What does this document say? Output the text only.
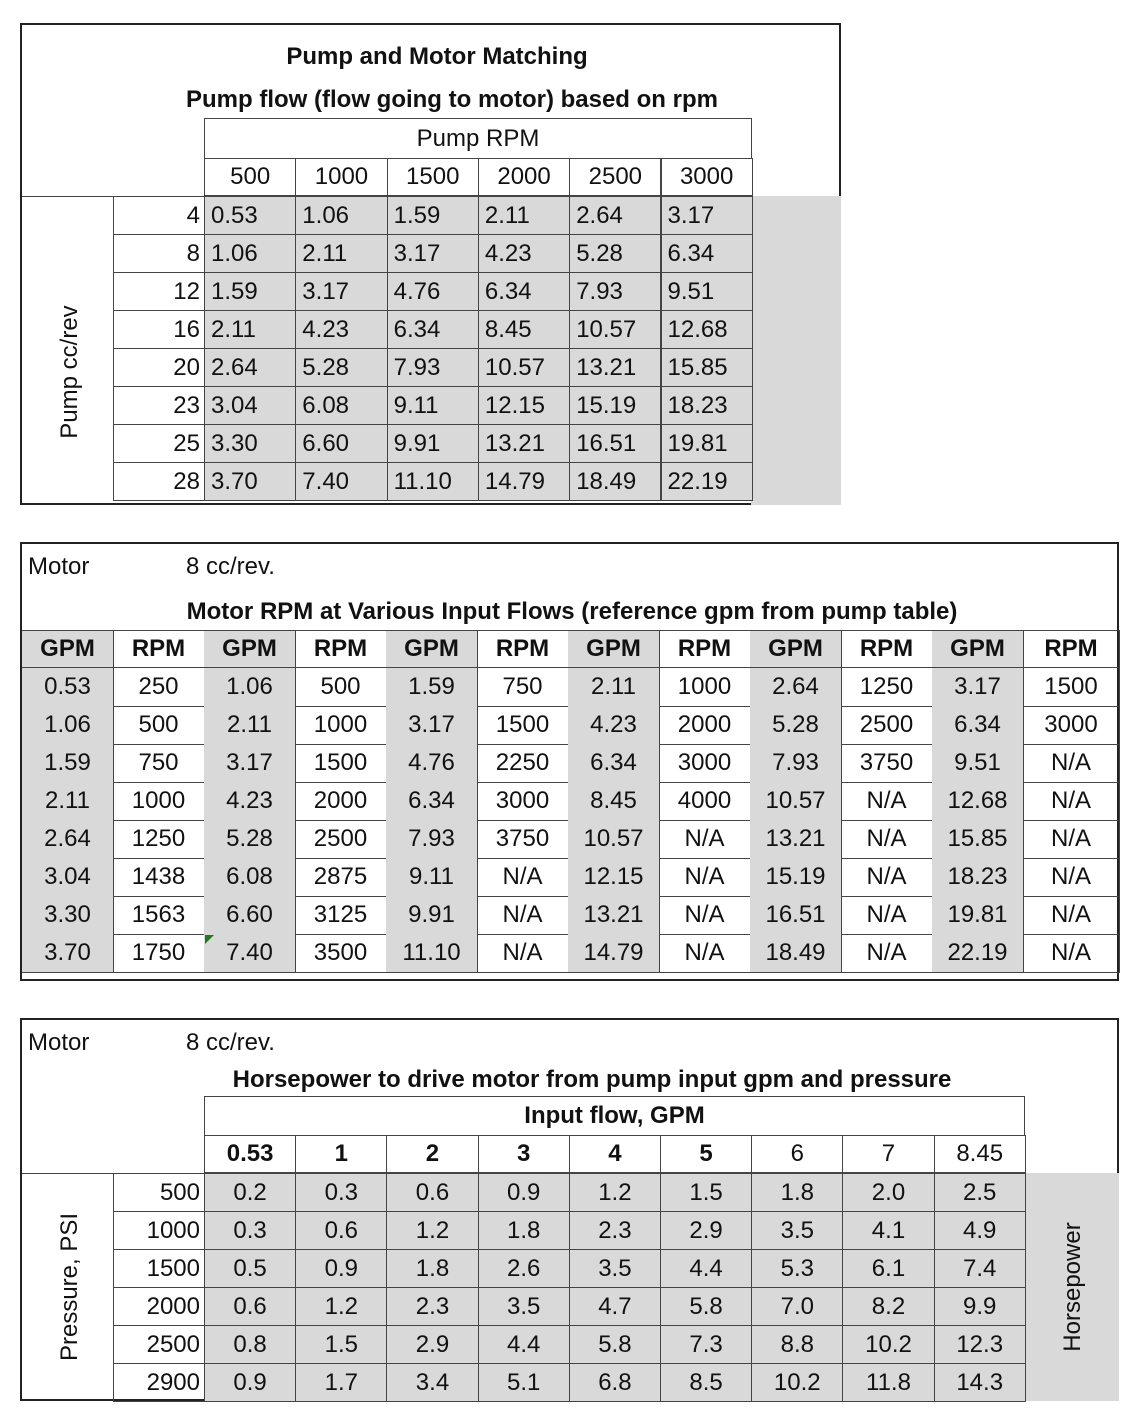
Pump and Motor Matching
Pump flow (flow going to motor) based on rpm
Pump RPM
Pump cc/rev
500	1000	1500	2000	2500	3000
4 0.53	1.06	1.59	2.11	2.64	3.17
8 1.06	2.11	3.17	4.23	5.28	6.34
12 1.59	3.17	4.76	6.34	7.93	9.51
16 2.11	4.23	6.34	8.45	10.57	12.68
20 2.64	5.28	7.93	10.57	13.21	15.85
23 3.04	6.08	9.11	12.15	15.19	18.23
25 3.30	6.60	9.91	13.21	16.51	19.81
28 3.70	7.40	11.10	14.79	18.49	22.19
Motor	8 cc/rev.
Motor RPM at Various Input Flows (reference gpm from pump table)
GPM	RPM	GPM	RPM	GPM	RPM	GPM	RPM	GPM	RPM	GPM	RPM
0.53	250	1.06	500	1.59	750	2.11	1000	2.64	1250	3.17	1500
1.06	500	2.11	1000	3.17	1500	4.23	2000	5.28	2500	6.34	3000
1.59	750	3.17	1500	4.76	2250	6.34	3000	7.93	3750	9.51	N/A
2.11	1000	4.23	2000	6.34	3000	8.45	4000	10.57	N/A	12.68	N/A
2.64	1250	5.28	2500	7.93	3750	10.57	N/A	13.21	N/A	15.85	N/A
3.04	1438	6.08	2875	9.11	N/A	12.15	N/A	15.19	N/A	18.23	N/A
3.30	1563	6.60	3125	9.91	N/A	13.21	N/A	16.51	N/A	19.81	N/A
3.70	1750	7.40	3500	11.10	N/A	14.79	N/A	18.49	N/A	22.19	N/A
Motor	8 cc/rev.
Horsepower to drive motor from pump input gpm and pressure
Input flow, GPM
Pressure, PSI	Horsepower
0.53	1	2	3	4	5	6	7	8.45
500	0.2	0.3	0.6	0.9	1.2	1.5	1.8	2.0	2.5
1000	0.3	0.6	1.2	1.8	2.3	2.9	3.5	4.1	4.9
1500	0.5	0.9	1.8	2.6	3.5	4.4	5.3	6.1	7.4
2000	0.6	1.2	2.3	3.5	4.7	5.8	7.0	8.2	9.9
2500	0.8	1.5	2.9	4.4	5.8	7.3	8.8	10.2	12.3
2900	0.9	1.7	3.4	5.1	6.8	8.5	10.2	11.8	14.3
